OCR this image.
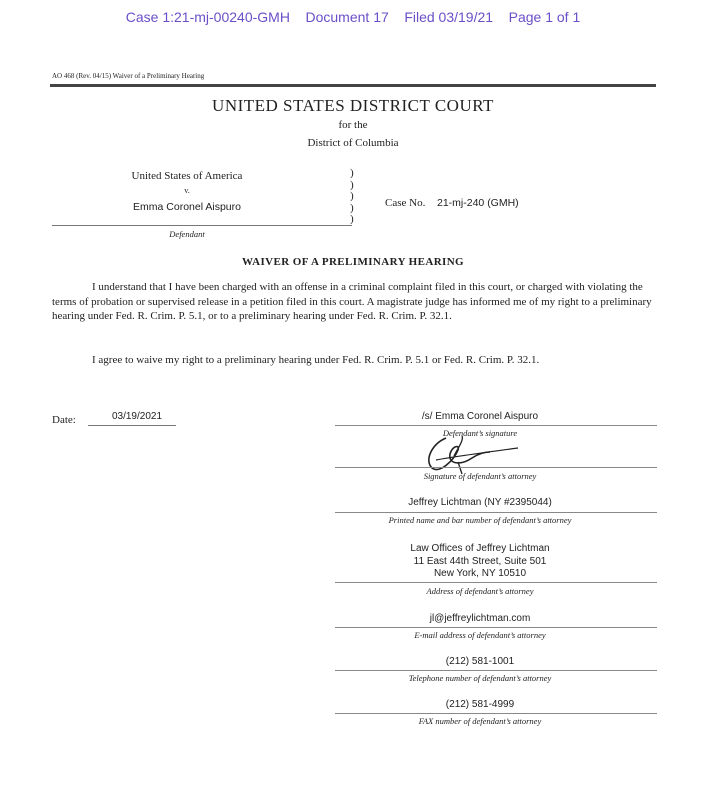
Case 1:21-mj-00240-GMH    Document 17    Filed 03/19/21    Page 1 of 1
AO 468 (Rev. 04/15) Waiver of a Preliminary Hearing
UNITED STATES DISTRICT COURT
for the
District of Columbia
United States of America
v.
Emma Coronel Aispuro
Defendant
)
)
)
)
)
Case No. 21-mj-240 (GMH)
WAIVER OF A PRELIMINARY HEARING
I understand that I have been charged with an offense in a criminal complaint filed in this court, or charged with violating the terms of probation or supervised release in a petition filed in this court. A magistrate judge has informed me of my right to a preliminary hearing under Fed. R. Crim. P. 5.1, or to a preliminary hearing under Fed. R. Crim. P. 32.1.
I agree to waive my right to a preliminary hearing under Fed. R. Crim. P. 5.1 or Fed. R. Crim. P. 32.1.
Date:	03/19/2021	/s/ Emma Coronel Aispuro
Defendant’s signature
Signature of defendant’s attorney
Jeffrey Lichtman (NY #2395044)
Printed name and bar number of defendant’s attorney
Law Offices of Jeffrey Lichtman
11 East 44th Street, Suite 501
New York, NY 10510
Address of defendant’s attorney
jl@jeffreylichtman.com
E-mail address of defendant’s attorney
(212) 581-1001
Telephone number of defendant’s attorney
(212) 581-4999
FAX number of defendant’s attorney
